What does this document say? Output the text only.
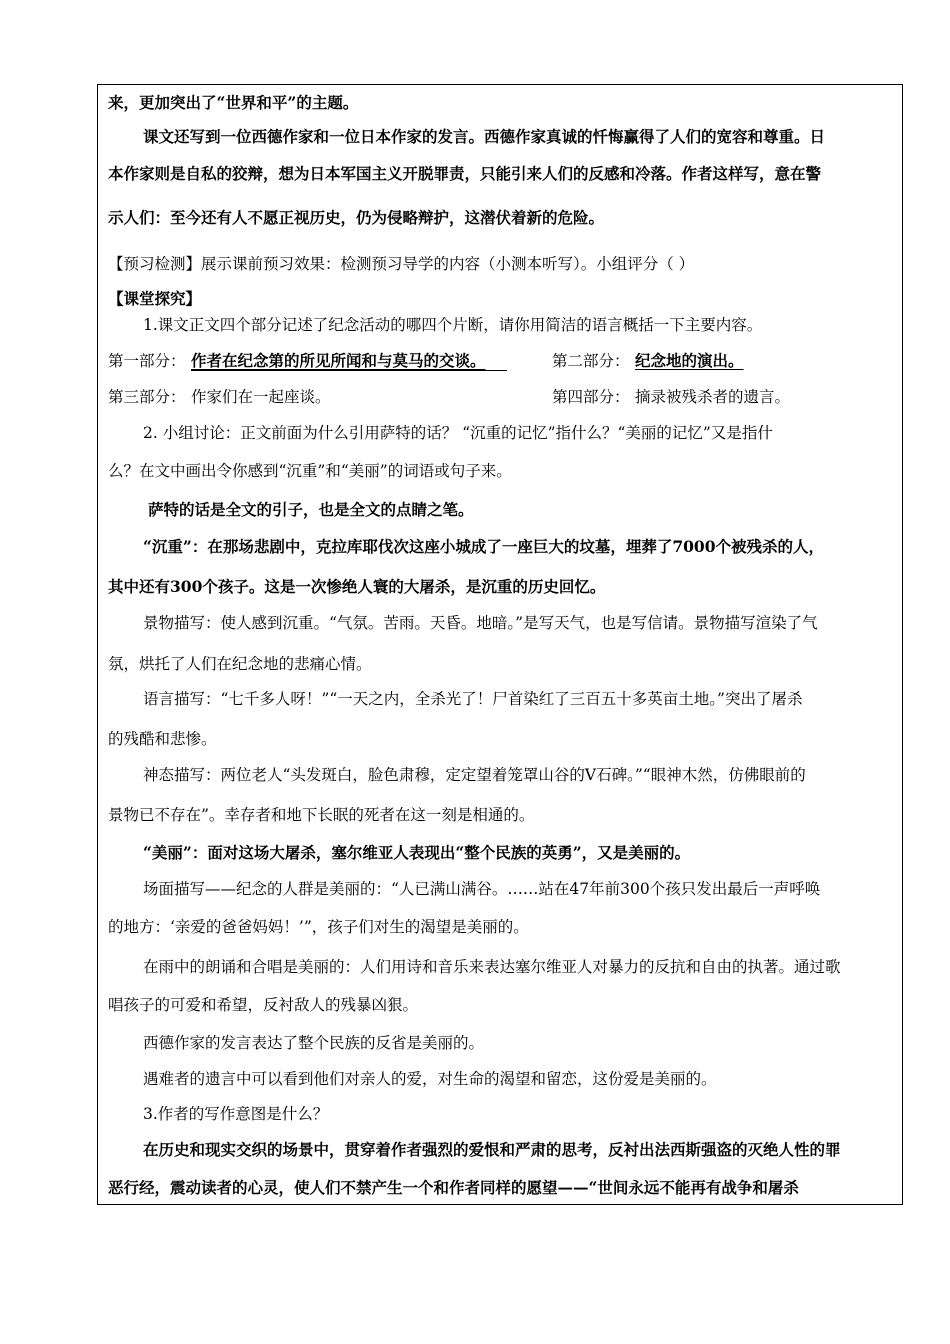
来，更加突出了“世界和平”的主题。
课文还写到一位西德作家和一位日本作家的发言。西德作家真诚的忏悔赢得了人们的宽容和尊重。日
本作家则是自私的狡辩，想为日本军国主义开脱罪责，只能引来人们的反感和冷落。作者这样写，意在警
示人们：至今还有人不愿正视历史，仍为侵略辩护，这潜伏着新的危险。
【预习检测】展示课前预习效果：检测预习导学的内容（小测本听写）。小组评分（ ）
【课堂探究】
1.课文正文四个部分记述了纪念活动的哪四个片断，请你用简洁的语言概括一下主要内容。
第一部分： 作者在纪念第的所见所闻和与莫马的交谈。	第二部分： 纪念地的演出。
第三部分： 作家们在一起座谈。	第四部分： 摘录被残杀者的遗言。
2. 小组讨论：正文前面为什么引用萨特的话？ “沉重的记忆”指什么？“美丽的记忆”又是指什
么？在文中画出令你感到“沉重”和“美丽”的词语或句子来。
萨特的话是全文的引子，也是全文的点睛之笔。
“沉重”：在那场悲剧中，克拉库耶伐次这座小城成了一座巨大的坟墓，埋葬了7000个被残杀的人，
其中还有300个孩子。这是一次惨绝人寰的大屠杀，是沉重的历史回忆。
景物描写：使人感到沉重。“气氛。苦雨。天昏。地暗。”是写天气，也是写信请。景物描写渲染了气
氛，烘托了人们在纪念地的悲痛心情。
语言描写：“七千多人呀！”“一天之内，全杀光了！尸首染红了三百五十多英亩土地。”突出了屠杀
的残酷和悲惨。
神态描写：两位老人“头发斑白，脸色肃穆，定定望着笼罩山谷的V石碑。”“眼神木然，仿佛眼前的
景物已不存在”。幸存者和地下长眠的死者在这一刻是相通的。
“美丽”：面对这场大屠杀，塞尔维亚人表现出“整个民族的英勇”，又是美丽的。
场面描写——纪念的人群是美丽的：“人已满山满谷。……站在47年前300个孩只发出最后一声呼唤
的地方：‘亲爱的爸爸妈妈！’”，孩子们对生的渴望是美丽的。
在雨中的朗诵和合唱是美丽的：人们用诗和音乐来表达塞尔维亚人对暴力的反抗和自由的执著。通过歌
唱孩子的可爱和希望，反衬敌人的残暴凶狠。
西德作家的发言表达了整个民族的反省是美丽的。
遇难者的遗言中可以看到他们对亲人的爱，对生命的渴望和留恋，这份爱是美丽的。
3.作者的写作意图是什么？
在历史和现实交织的场景中，贯穿着作者强烈的爱恨和严肃的思考，反衬出法西斯强盗的灭绝人性的罪
恶行经，震动读者的心灵，使人们不禁产生一个和作者同样的愿望——“世间永远不能再有战争和屠杀
